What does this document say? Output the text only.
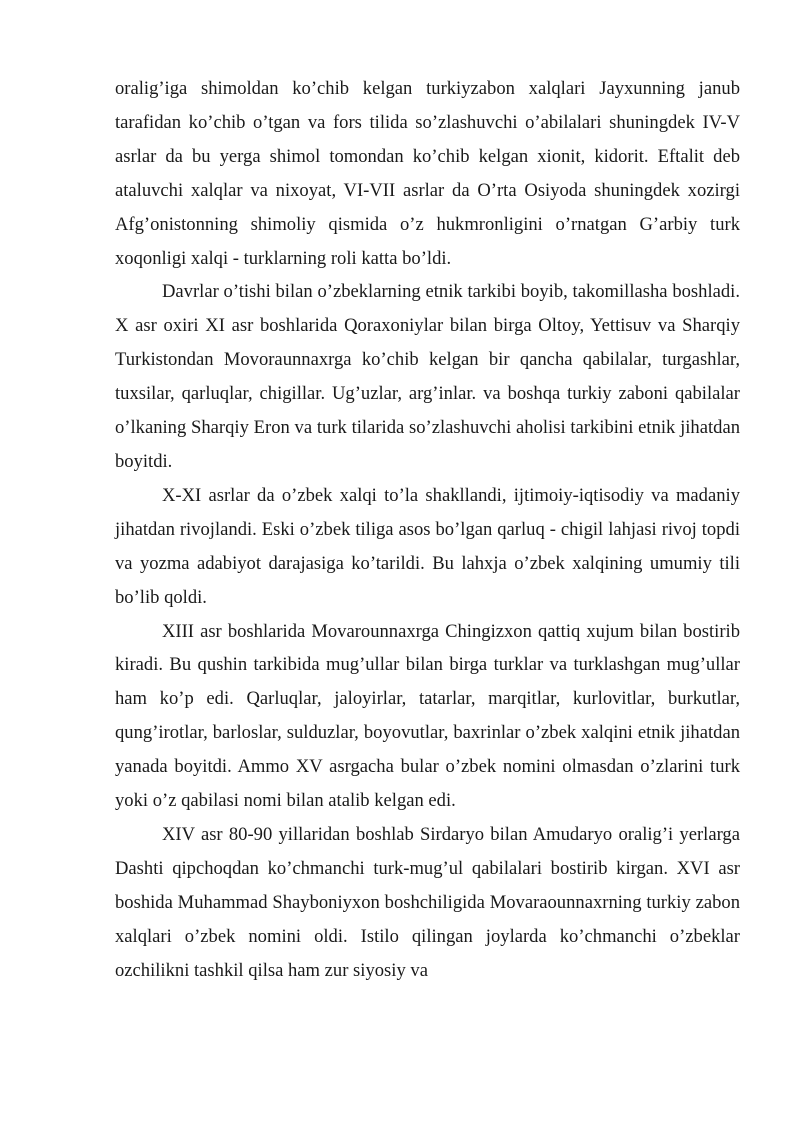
oralig’iga shimoldan ko’chib kelgan turkiyzabon xalqlari Jayxunning janub tarafidan ko’chib o’tgan va fors tilida so’zlashuvchi o’abilalari shuningdek IV-V asrlar da bu yerga shimol tomondan ko’chib kelgan xionit, kidorit. Eftalit deb ataluvchi xalqlar va nixoyat, VI-VII asrlar da O’rta Osiyoda shuningdek xozirgi Afg’onistonning shimoliy qismida o’z hukmronligini o’rnatgan G’arbiy turk xoqonligi xalqi - turklarning roli katta bo’ldi.

Davrlar o’tishi bilan o’zbeklarning etnik tarkibi boyib, takomillasha boshladi. X asr oxiri XI asr boshlarida Qoraxoniylar bilan birga Oltoy, Yettisuv va Sharqiy Turkistondan Movoraunnaxrga ko’chib kelgan bir qancha qabilalar, turgashlar, tuxsilar, qarluqlar, chigillar. Ug’uzlar, arg’inlar. va boshqa turkiy zaboni qabilalar o’lkaning Sharqiy Eron va turk tilarida so’zlashuvchi aholisi tarkibini etnik jihatdan boyitdi.

X-XI asrlar da o’zbek xalqi to’la shakllandi, ijtimoiy-iqtisodiy va madaniy jihatdan rivojlandi. Eski o’zbek tiliga asos bo’lgan qarluq - chigil lahjasi rivoj topdi va yozma adabiyot darajasiga ko’tarildi. Bu lahxja o’zbek xalqining umumiy tili bo’lib qoldi.

XIII asr boshlarida Movarounnaxrga Chingizxon qattiq xujum bilan bostirib kiradi. Bu qushin tarkibida mug’ullar bilan birga turklar va turklashgan mug’ullar ham ko’p edi. Qarluqlar, jaloyirlar, tatarlar, marqitlar, kurlovitlar, burkutlar, qung’irotlar, barloslar, sulduzlar, boyovutlar, baxrinlar o’zbek xalqini etnik jihatdan yanada boyitdi. Ammo XV asrgacha bular o’zbek nomini olmasdan o’zlarini turk yoki o’z qabilasi nomi bilan atalib kelgan edi.

XIV asr 80-90 yillaridan boshlab Sirdaryo bilan Amudaryo oralig’i yerlarga Dashti qipchoqdan ko’chmanchi turk-mug’ul qabilalari bostirib kirgan. XVI asr boshida Muhammad Shayboniyxon boshchiligida Movaraounnaxrning turkiy zabon xalqlari o’zbek nomini oldi. Istilo qilingan joylarda ko’chmanchi o’zbeklar ozchilikni tashkil qilsa ham zur siyosiy va
